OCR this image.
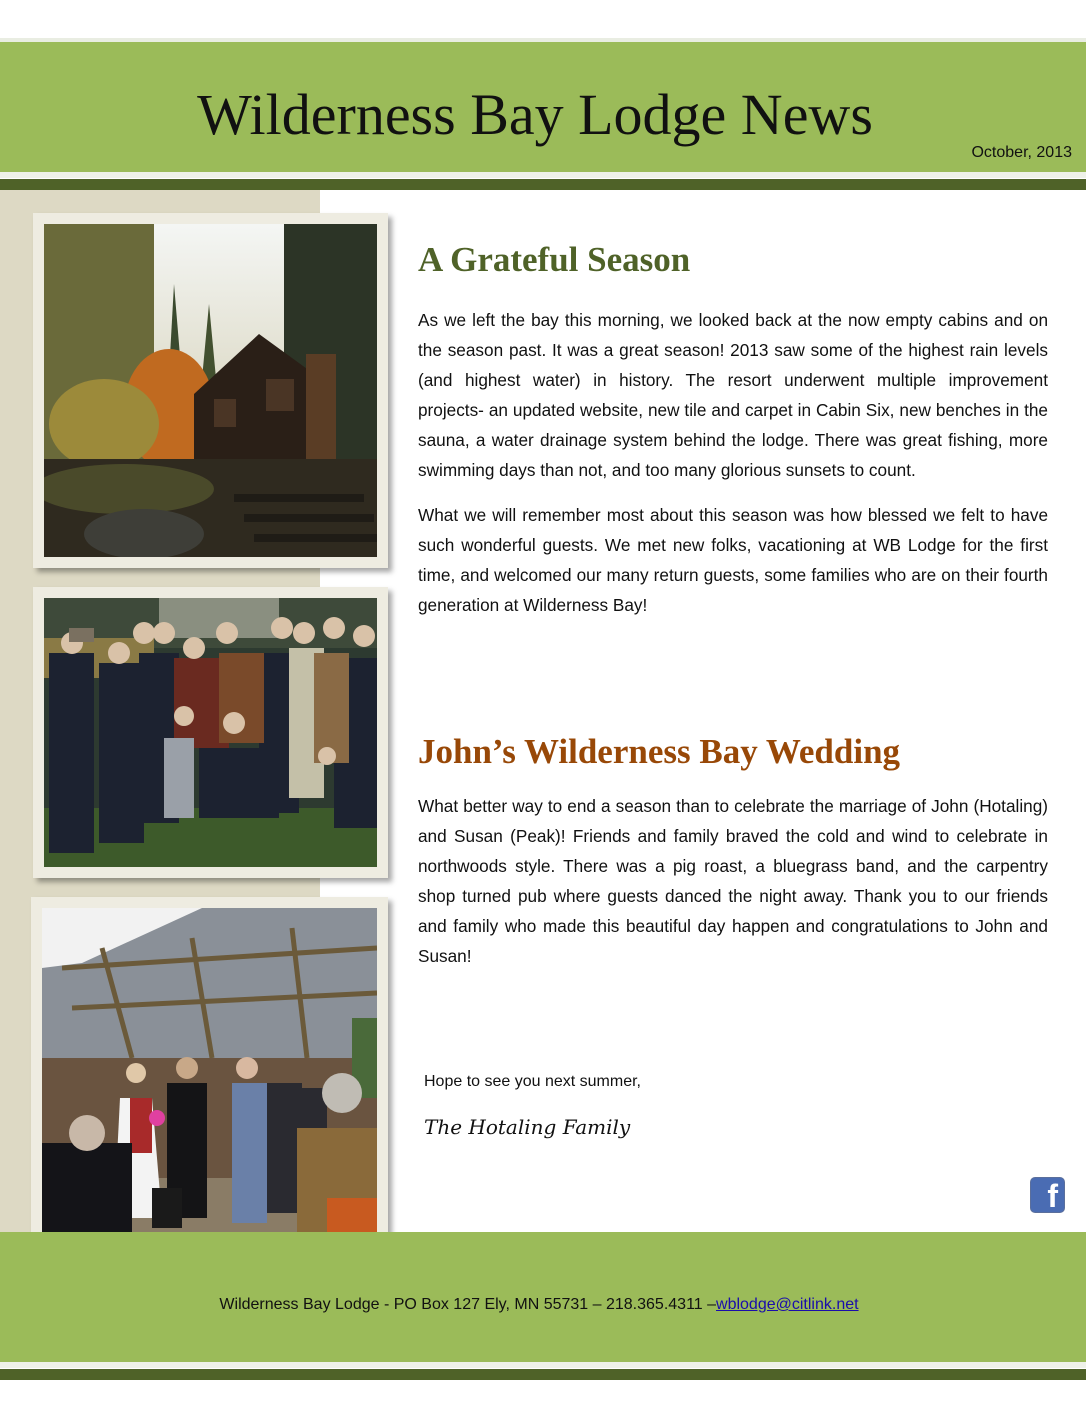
Wilderness Bay Lodge News
October, 2013
A Grateful Season

As we left the bay this morning, we looked back at the now empty cabins and on the season past. It was a great season! 2013 saw some of the highest rain levels (and highest water) in history. The resort underwent multiple improvement projects- an updated website, new tile and carpet in Cabin Six, new benches in the sauna, a water drainage system behind the lodge. There was great fishing, more swimming days than not, and too many glorious sunsets to count.

What we will remember most about this season was how blessed we felt to have such wonderful guests. We met new folks, vacationing at WB Lodge for the first time, and welcomed our many return guests, some families who are on their fourth generation at Wilderness Bay!

John’s Wilderness Bay Wedding

What better way to end a season than to celebrate the marriage of John (Hotaling) and Susan (Peak)! Friends and family braved the cold and wind to celebrate in northwoods style. There was a pig roast, a bluegrass band, and the carpentry shop turned pub where guests danced the night away. Thank you to our friends and family who made this beautiful day happen and congratulations to John and Susan!

Hope to see you next summer,
The Hotaling Family
f
Wilderness Bay Lodge - PO Box 127 Ely, MN 55731 – 218.365.4311 –wblodge@citlink.net
